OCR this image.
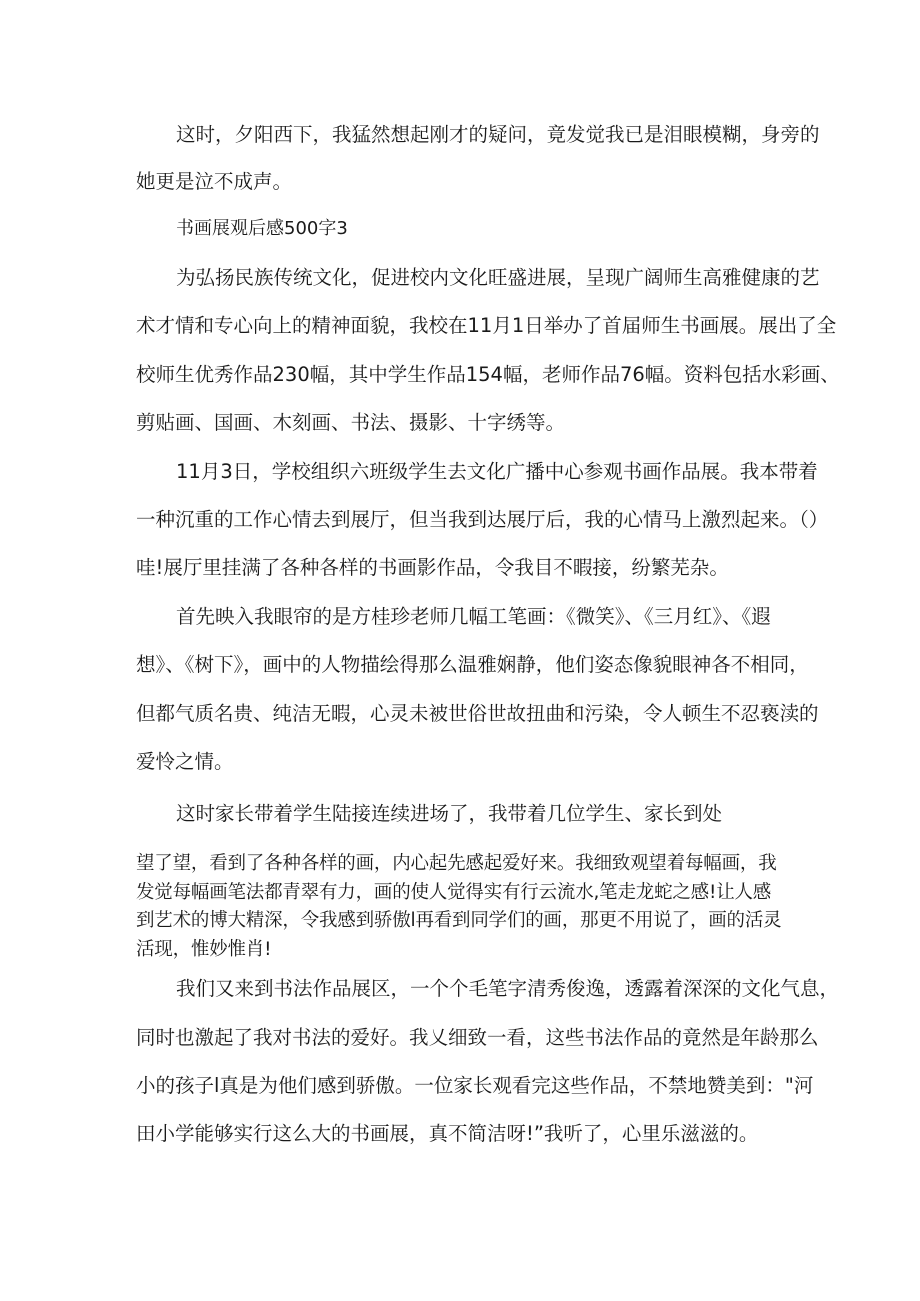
这时，夕阳西下，我猛然想起刚才的疑问，竟发觉我已是泪眼模糊，身旁的

她更是泣不成声。

书画展观后感500字3

为弘扬民族传统文化，促进校内文化旺盛进展，呈现广阔师生高雅健康的艺

术才情和专心向上的精神面貌，我校在11月1日举办了首届师生书画展。展出了全

校师生优秀作品230幅，其中学生作品154幅，老师作品76幅。资料包括水彩画、

剪贴画、国画、木刻画、书法、摄影、十字绣等。

11月3日，学校组织六班级学生去文化广播中心参观书画作品展。我本带着

一种沉重的工作心情去到展厅，但当我到达展厅后，我的心情马上激烈起来。（）

哇!展厅里挂满了各种各样的书画影作品，令我目不暇接，纷繁芜杂。

首先映入我眼帘的是方桂珍老师几幅工笔画：《微笑》、《三月红》、《遐

想》、《树下》，画中的人物描绘得那么温雅娴静，他们姿态像貌眼神各不相同，

但都气质名贵、纯洁无暇，心灵未被世俗世故扭曲和污染，令人顿生不忍亵渎的

爱怜之情。

这时家长带着学生陆接连续进场了，我带着几位学生、家长到处

望了望，看到了各种各样的画，内心起先感起爱好来。我细致观望着每幅画，我

发觉每幅画笔法都青翠有力，画的使人觉得实有行云流水,笔走龙蛇之感!让人感

到艺术的博大精深，令我感到骄傲l再看到同学们的画，那更不用说了，画的活灵

活现，惟妙惟肖!

我们又来到书法作品展区，一个个毛笔字清秀俊逸，透露着深深的文化气息，

同时也激起了我对书法的爱好。我乂细致一看，这些书法作品的竟然是年龄那么

小的孩子l真是为他们感到骄傲。一位家长观看完这些作品，不禁地赞美到："河

田小学能够实行这么大的书画展，真不简洁呀!”我听了，心里乐滋滋的。
